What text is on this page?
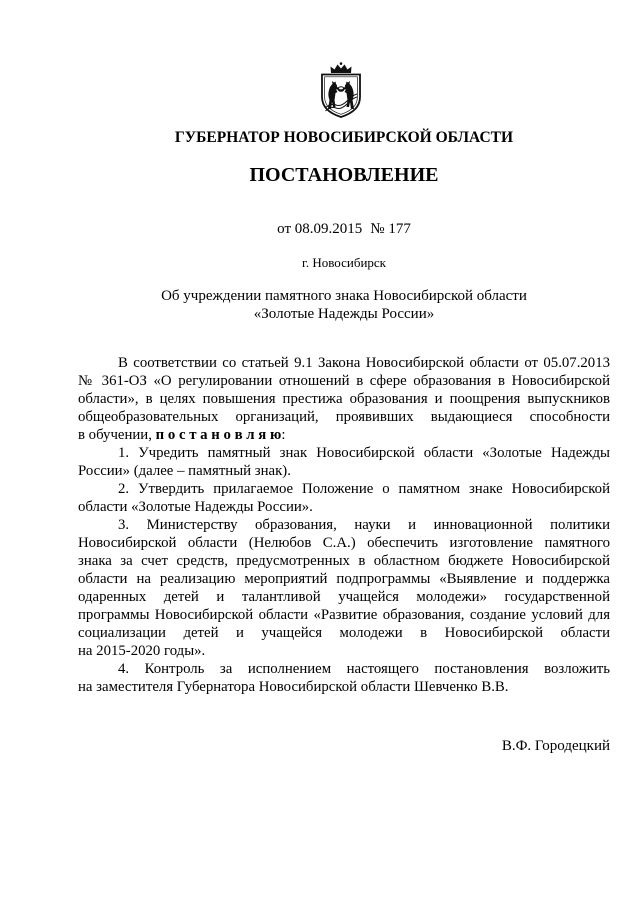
ГУБЕРНАТОР НОВОСИБИРСКОЙ ОБЛАСТИ
ПОСТАНОВЛЕНИЕ
от 08.09.2015 № 177
г. Новосибирск
Об учреждении памятного знака Новосибирской области
«Золотые Надежды России»
В соответствии со статьей 9.1 Закона Новосибирской области от 05.07.2013
№ 361-ОЗ «О регулировании отношений в сфере образования в Новосибирской
области», в целях повышения престижа образования и поощрения выпускников
общеобразовательных организаций, проявивших выдающиеся способности
в обучении, п о с т а н о в л я ю:
1. Учредить памятный знак Новосибирской области «Золотые Надежды
России» (далее – памятный знак).
2. Утвердить прилагаемое Положение о памятном знаке Новосибирской
области «Золотые Надежды России».
3. Министерству образования, науки и инновационной политики
Новосибирской области (Нелюбов С.А.) обеспечить изготовление памятного
знака за счет средств, предусмотренных в областном бюджете Новосибирской
области на реализацию мероприятий подпрограммы «Выявление и поддержка
одаренных детей и талантливой учащейся молодежи» государственной
программы Новосибирской области «Развитие образования, создание условий для
социализации детей и учащейся молодежи в Новосибирской области
на 2015-2020 годы».
4. Контроль за исполнением настоящего постановления возложить
на заместителя Губернатора Новосибирской области Шевченко В.В.
В.Ф. Городецкий
